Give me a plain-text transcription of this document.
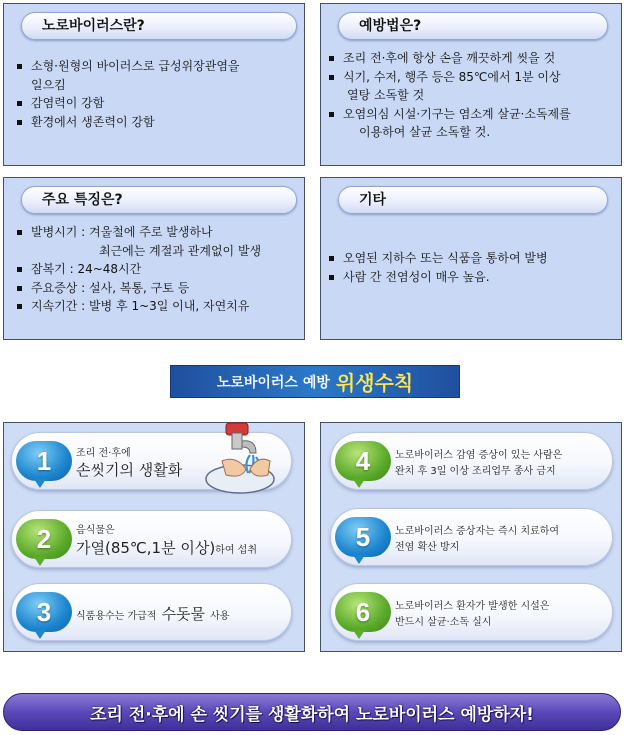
노로바이러스란?
소형·원형의 바이러스로 급성위장관염을
일으킴
감염력이 강함
환경에서 생존력이 강함
예방법은?
조리 전·후에 항상 손을 깨끗하게 씻을 것
식기, 수저, 행주 등은 85℃에서 1분 이상
열탕 소독할 것
오염의심 시설·기구는 염소계 살균·소독제를
이용하여 살균 소독할 것.
주요 특징은?
발병시기 : 겨울철에 주로 발생하나
최근에는 계절과 관계없이 발생
잠복기 : 24~48시간
주요증상 : 설사, 복통, 구토 등
지속기간 : 발병 후 1~3일 이내, 자연치유
기타
오염된 지하수 또는 식품을 통하여 발병
사람 간 전염성이 매우 높음.
노로바이러스 예방 위생수칙
1	조리 전·후에
손씻기의 생활화
2	음식물은
가열(85℃,1분 이상)하여 섭취
3	식품용수는 가급적 수돗물 사용
4	노로바이러스 감염 증상이 있는 사람은
완치 후 3일 이상 조리업무 종사 금지
5	노로바이러스 증상자는 즉시 치료하여
전염 확산 방지
6	노로바이러스 환자가 발생한 시설은
반드시 살균·소독 실시
조리 전·후에 손 씻기를 생활화하여 노로바이러스 예방하자!
